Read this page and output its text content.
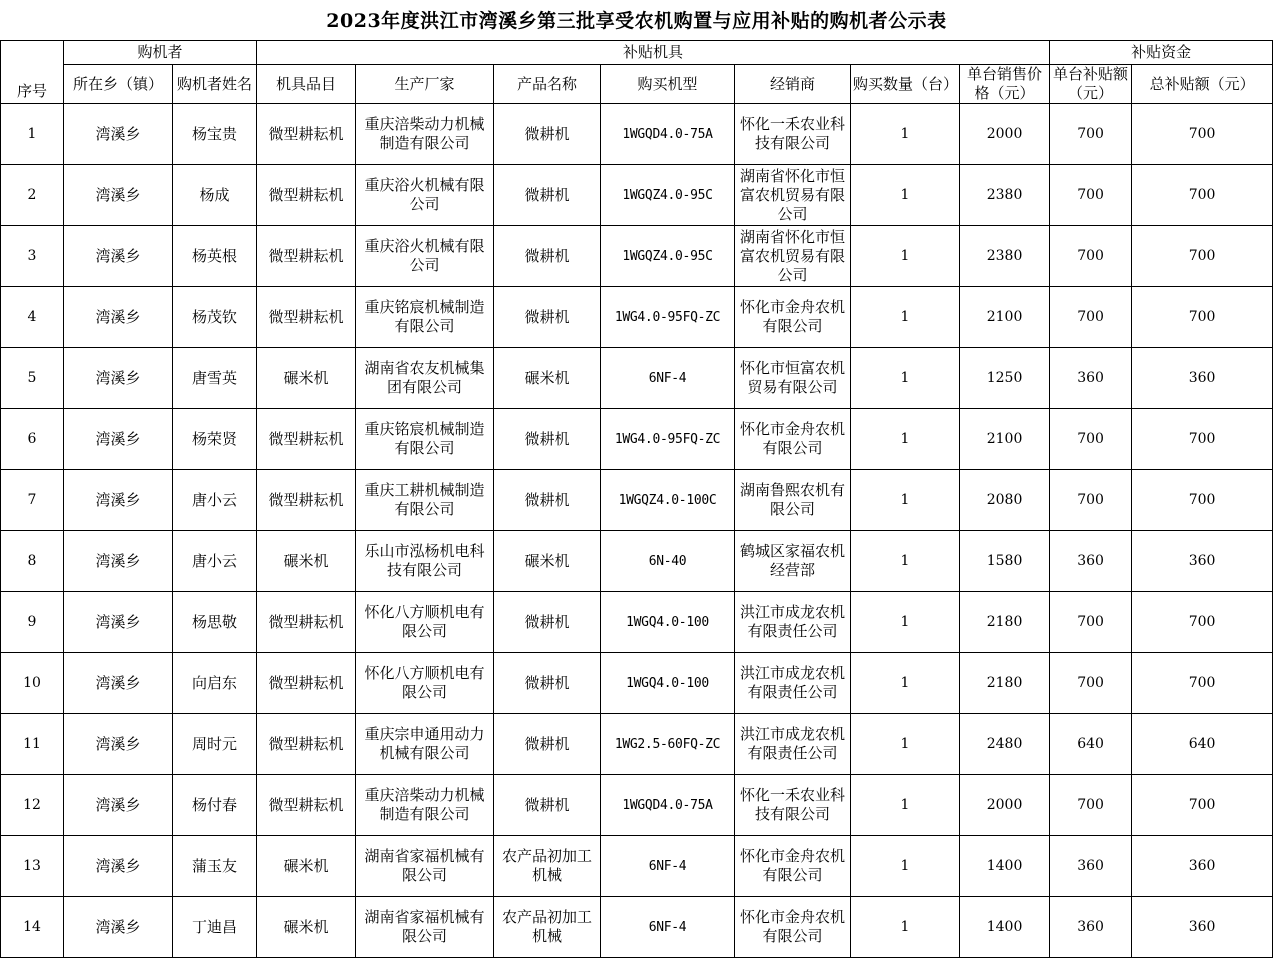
2023年度洪江市湾溪乡第三批享受农机购置与应用补贴的购机者公示表
序号	购机者		补贴机具							补贴资金	
	所在乡（镇）	购机者姓名	机具品目	生产厂家	产品名称	购买机型	经销商	购买数量（台）	单台销售价格（元）	单台补贴额（元）	总补贴额（元）
1	湾溪乡	杨宝贵	微型耕耘机	重庆涪柴动力机械制造有限公司	微耕机	1WGQD4.0-75A	怀化一禾农业科技有限公司	1	2000	700	700
2	湾溪乡	杨成	微型耕耘机	重庆浴火机械有限公司	微耕机	1WGQZ4.0-95C	湖南省怀化市恒富农机贸易有限公司	1	2380	700	700
3	湾溪乡	杨英根	微型耕耘机	重庆浴火机械有限公司	微耕机	1WGQZ4.0-95C	湖南省怀化市恒富农机贸易有限公司	1	2380	700	700
4	湾溪乡	杨茂钦	微型耕耘机	重庆铭宸机械制造有限公司	微耕机	1WG4.0-95FQ-ZC	怀化市金舟农机有限公司	1	2100	700	700
5	湾溪乡	唐雪英	碾米机	湖南省农友机械集团有限公司	碾米机	6NF-4	怀化市恒富农机贸易有限公司	1	1250	360	360
6	湾溪乡	杨荣贤	微型耕耘机	重庆铭宸机械制造有限公司	微耕机	1WG4.0-95FQ-ZC	怀化市金舟农机有限公司	1	2100	700	700
7	湾溪乡	唐小云	微型耕耘机	重庆工耕机械制造有限公司	微耕机	1WGQZ4.0-100C	湖南鲁熙农机有限公司	1	2080	700	700
8	湾溪乡	唐小云	碾米机	乐山市泓杨机电科技有限公司	碾米机	6N-40	鹤城区家福农机经营部	1	1580	360	360
9	湾溪乡	杨思敬	微型耕耘机	怀化八方顺机电有限公司	微耕机	1WGQ4.0-100	洪江市成龙农机有限责任公司	1	2180	700	700
10	湾溪乡	向启东	微型耕耘机	怀化八方顺机电有限公司	微耕机	1WGQ4.0-100	洪江市成龙农机有限责任公司	1	2180	700	700
11	湾溪乡	周时元	微型耕耘机	重庆宗申通用动力机械有限公司	微耕机	1WG2.5-60FQ-ZC	洪江市成龙农机有限责任公司	1	2480	640	640
12	湾溪乡	杨付春	微型耕耘机	重庆涪柴动力机械制造有限公司	微耕机	1WGQD4.0-75A	怀化一禾农业科技有限公司	1	2000	700	700
13	湾溪乡	蒲玉友	碾米机	湖南省家福机械有限公司	农产品初加工机械	6NF-4	怀化市金舟农机有限公司	1	1400	360	360
14	湾溪乡	丁迪昌	碾米机	湖南省家福机械有限公司	农产品初加工机械	6NF-4	怀化市金舟农机有限公司	1	1400	360	360
